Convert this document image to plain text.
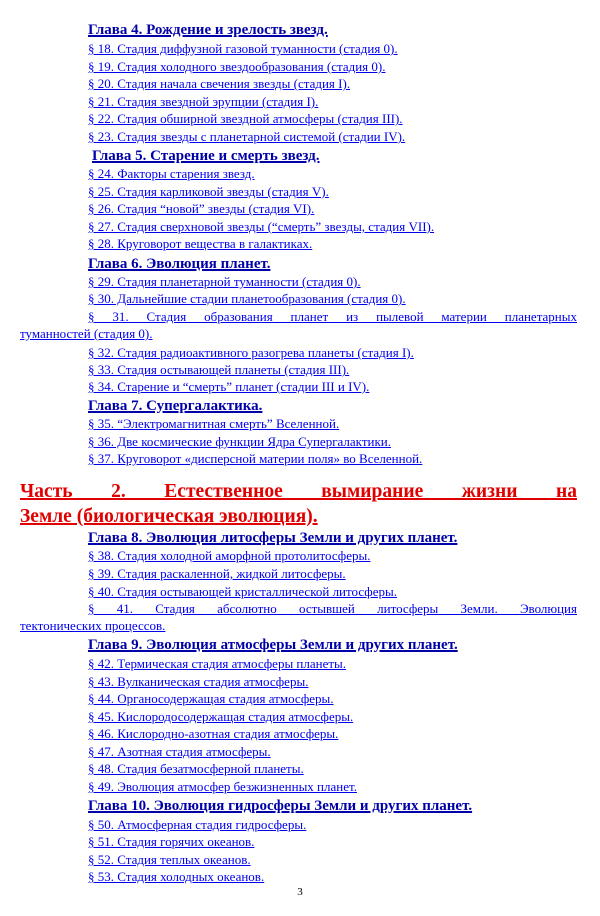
Глава 4. Рождение и зрелость звезд.
§ 18. Стадия диффузной газовой туманности (стадия 0).
§ 19. Стадия холодного звездообразования (стадия 0).
§ 20. Стадия начала свечения звезды (стадия I).
§ 21. Стадия звездной эрупции (стадия I).
§ 22. Стадия обширной звездной атмосферы (стадия III).
§ 23. Стадия звезды с планетарной системой (стадии IV).
Глава 5. Старение и смерть звезд.
§ 24. Факторы старения звезд.
§ 25. Стадия карликовой звезды (стадия V).
§ 26. Стадия “новой” звезды (стадия VI).
§ 27. Стадия сверхновой звезды (“смерть” звезды, стадия VII).
§ 28. Круговорот вещества в галактиках.
Глава 6. Эволюция планет.
§ 29. Стадия планетарной туманности (стадия 0).
§ 30. Дальнейшие стадии планетообразования (стадия 0).
§ 31. Стадия образования планет из пылевой материи планетарных
туманностей (стадия 0).
§ 32. Стадия радиоактивного разогрева планеты (стадия I).
§ 33. Стадия остывающей планеты (стадия III).
§ 34. Старение и “смерть” планет (стадии III и IV).
Глава 7. Супергалактика.
§ 35. “Электромагнитная смерть” Вселенной.
§ 36. Две космические функции Ядра Супергалактики.
§ 37. Круговорот «дисперсной материи поля» во Вселенной.
Часть 2. Естественное вымирание жизни на
Земле (биологическая эволюция).
Глава 8. Эволюция литосферы Земли и других планет.
§ 38. Стадия холодной аморфной протолитосферы.
§ 39. Стадия раскаленной, жидкой литосферы.
§ 40. Стадия остывающей кристаллической литосферы.
§ 41. Стадия абсолютно остывшей литосферы Земли. Эволюция
тектонических процессов.
Глава 9. Эволюция атмосферы Земли и других планет.
§ 42. Термическая стадия атмосферы планеты.
§ 43. Вулканическая стадия атмосферы.
§ 44. Органосодержащая стадия атмосферы.
§ 45. Кислородосодержащая стадия атмосферы.
§ 46. Кислородно-азотная стадия атмосферы.
§ 47. Азотная стадия атмосферы.
§ 48. Стадия безатмосферной планеты.
§ 49. Эволюция атмосфер безжизненных планет.
Глава 10. Эволюция гидросферы Земли и других планет.
§ 50. Атмосферная стадия гидросферы.
§ 51. Стадия горячих океанов.
§ 52. Стадия теплых океанов.
§ 53. Стадия холодных океанов.
3
